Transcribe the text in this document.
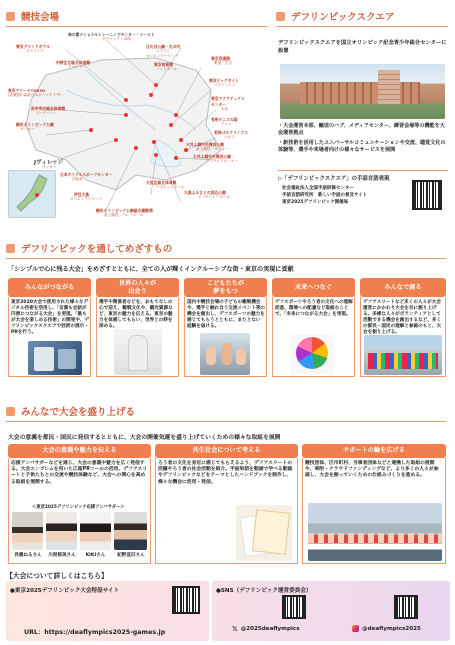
競技会場
味の素ナショナルトレーニングセンター・イースト
ボウリング・卓球
東京グランドボウル
ボウリング
日比谷公園・丸の内
マラソン
オリエンテーリング
中野区立総合体育館
テコンドー	東京体育館
ハンドボール
東京武道館
柔道・空手
東京ビッグサイト
バドミントン
東京アクアティクス
センター
水泳
東京アリーナTOKYO
(武蔵野の森総合スポーツプラザ)
有明テニスの森
テニス
府中市立総合体育館
ビーチバレー
若洲ゴルフリンクス
ゴルフ
駒沢オリンピック公園
サッカー
大井ふ頭中央海浜公園
陸上競技・サッカー
大井ふ頭中央海浜公園
フィールドホッケー
日本サイクルスポーツセンター
自転車
伊豆大島
オリエンテーリング
大田区総合体育館
バスケットボール
大森ふるさとの浜辺公園
ビーチバレーボール
駒沢オリンピック公園総合運動場
陸上競技・バレーボール
Jヴィレッジ
サッカー
デフリンピックスクエア
デフリンピックスクエアを国立オリンピック記念青少年総合センターに設置
・大会運営本部、輸送のハブ、メディアセンター、練習会場等の機能を大会運営拠点
・新技術を活用したユニバーサルコミュニケーションや交流、聴覚文化の体験等、選手や来場者向けの様々なサービスを展開
▷「デフリンピックスクエア」の手話言語表現
社会福祉法人全国手話研修センター
手話言語研究所　新しい手話の普及サイト
東京2025デフリンピック開催局
デフリンピックを通してめざすもの
「シンプルで心に残る大会」をめざすとともに、全ての人が輝くインクルーシブな街・東京の実現に貢献
みんながつながる
世界の人々が
出会う
こどもたちが
夢をもつ
未来へつなぐ	みんなで創る
東京2020大会で使用された様々なデジタル技術を活用し、「言葉も会話が円滑につながる大会」を実現。「誰もが大会を楽しめる技術」の開発や、デフリンピックスクエアで技術の展示・PRを行う。
選手や関係者などを、おもてなしの心で迎え、観戦文化や、観光資源など、東京の魅力を伝える。東京の魅力を体感してもらい、世界との絆を深める。
国内や競技会場の子どもの観戦機会や、選手と触れ合う交流イベント等の機会を創出し、デフスポーツの魅力を感じてもらうとともに、またとない経験を届ける。
デフスポーツやろう者の文化への理解促進、環境への配慮など取組むことで、「未来につながる大会」を実現。
デフアスリートなど多くの人々が大会運営にかかわり大会を共に創り上げる。多様な人々がボランティアとして活動できる機会を創出するなど、多くの都民・国民の理解と参画のもと、大会を創り上げる。
みんなで大会を盛り上げる
大会の意義を都民・国民に発信するとともに、大会の開催気運を盛り上げていくための様々な取組を展開
大会の意義や魅力を伝える	共生社会について考える	サポートの輪を広げる
応援アンバサダーなどを通じ、大会の意義や魅力を広く発信する。大会エンブレムを用いた広報PRツールの活用、デフアスリートと子供たちとの交流や競技体験など、大会への関心を高める取組を展開する。
＜東京2025デフリンピック応援アンバサダー＞
長濱ねるさん	川俣郁美さん	KIKIさん	紀野宣旧さん
ろう者の文化を身近に感じてもらえるよう、デフアスリートの活躍やろう者の社会活動を紹介。手話単語を動画で学べる動画やデフリンピックなどをテーマとしたハンドブックを制作し、様々な機会に活用・発信。
競技団体、区市町村、当事者団体などと連携した取組の展開や、寄附・クラウドファンディングなど、より多くの人々が参画し、大会を創っていくための仕組みづくりを進める。
【大会について詳しくはこちら】
●東京2025デフリンピック大会特設サイト
URL：https://deaflympics2025-games.jp
●SNS（デフリンピック運営委員会）
𝕏 @2025deaflympics	@deaflympics2025
